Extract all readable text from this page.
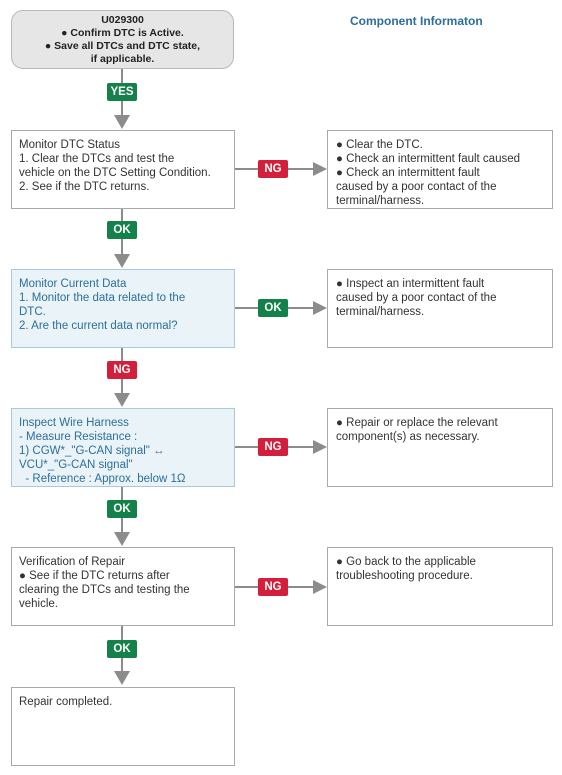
U029300
● Confirm DTC is Active.
● Save all DTCs and DTC state,
if applicable.
Component Informaton
YES
OK
NG
OK
OK
NG
OK
NG
NG
Monitor DTC Status
1. Clear the DTCs and test the
vehicle on the DTC Setting Condition.
2. See if the DTC returns.
Monitor Current Data
1. Monitor the data related to the
DTC.
2. Are the current data normal?
Inspect Wire Harness
- Measure Resistance :
1) CGW*_"G-CAN signal" ↔
VCU*_"G-CAN signal"
- Reference : Approx. below 1Ω
Verification of Repair
● See if the DTC returns after
clearing the DTCs and testing the
vehicle.
Repair completed.
● Clear the DTC.
● Check an intermittent fault caused
● Check an intermittent fault
caused by a poor contact of the
terminal/harness.
● Inspect an intermittent fault
caused by a poor contact of the
terminal/harness.
● Repair or replace the relevant
component(s) as necessary.
● Go back to the applicable
troubleshooting procedure.
